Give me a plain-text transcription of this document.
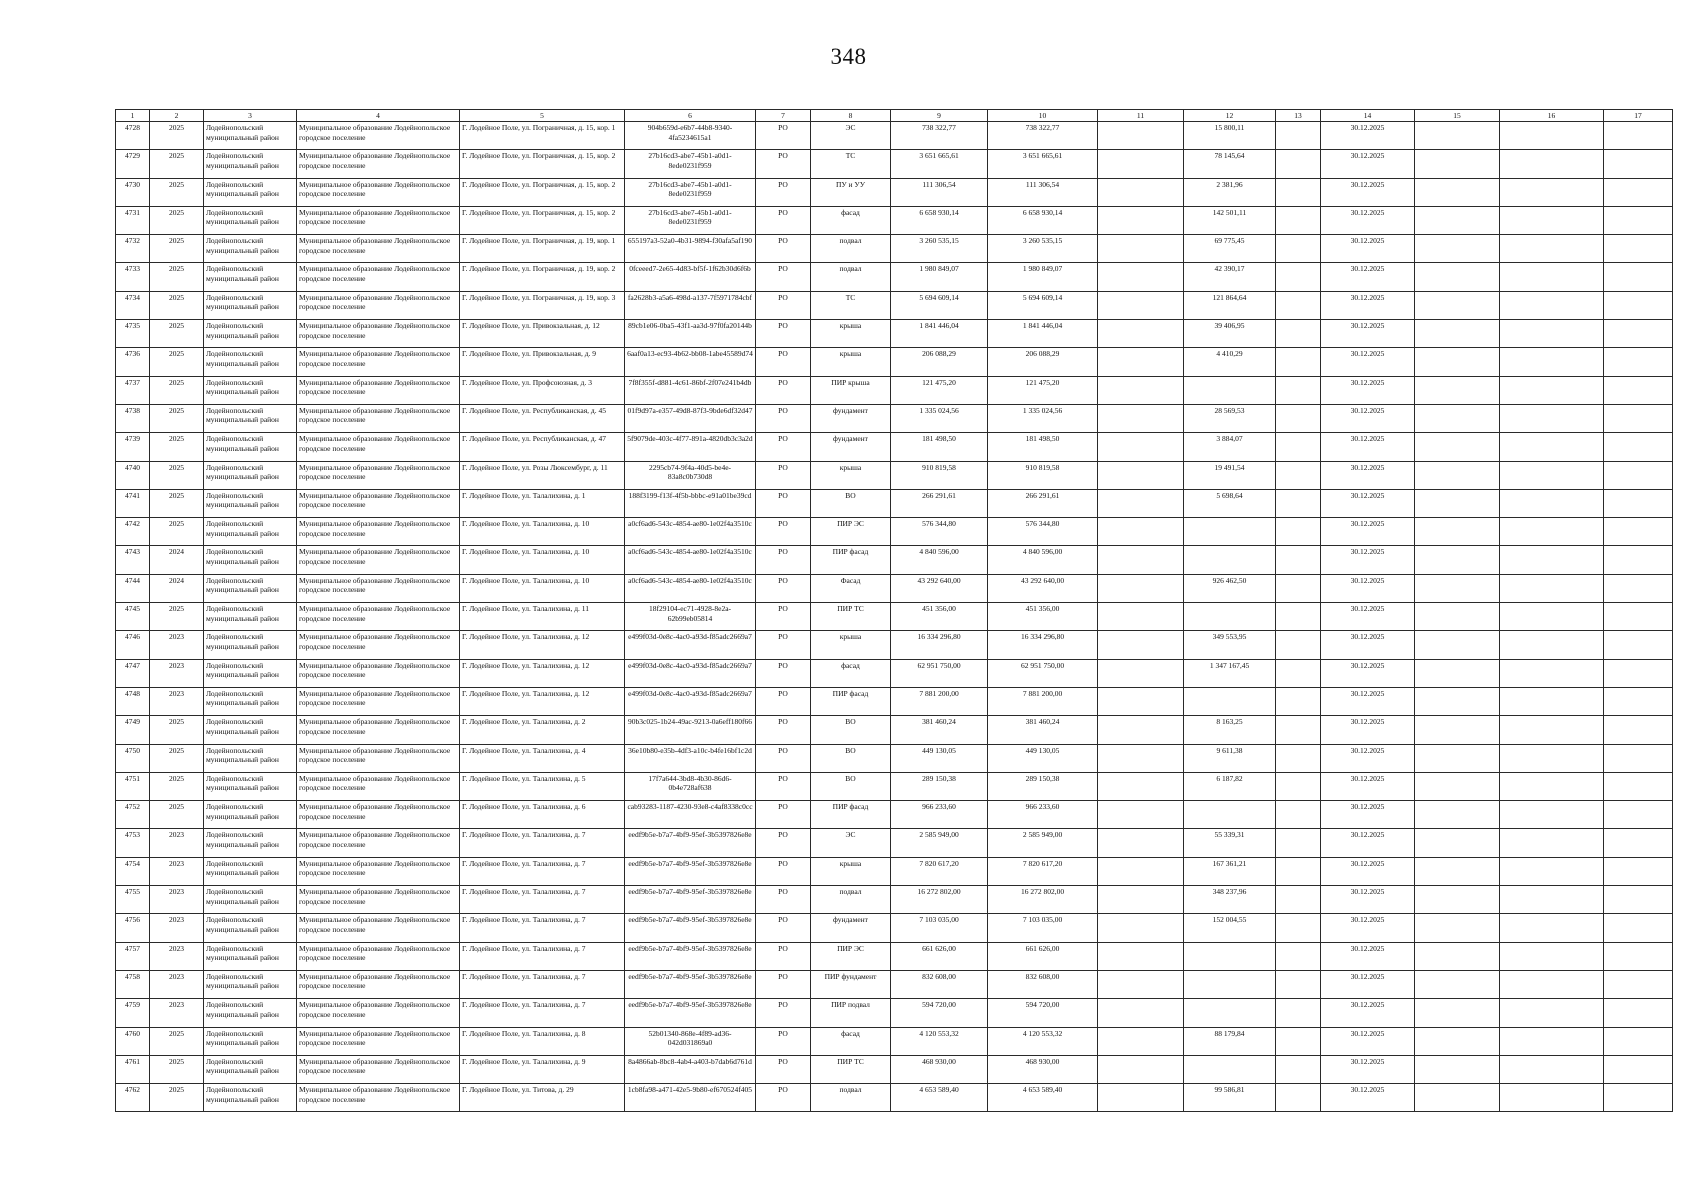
348
1	2	3	4	5	6	7	8	9	10	11	12	13	14	15	16	17
4728	2025	Лодейнопольский муниципальный район	Муниципальное образование Лодейнопольское городское поселение	Г. Лодейное Поле, ул. Пограничная, д. 15, кор. 1	904b659d-e6b7-44b8-9340-4fa5234615a1	РО	ЭС	738 322,77	738 322,77		15 800,11		30.12.2025			
4729	2025	Лодейнопольский муниципальный район	Муниципальное образование Лодейнопольское городское поселение	Г. Лодейное Поле, ул. Пограничная, д. 15, кор. 2	27b16cd3-abe7-45b1-a0d1-8ede0231f959	РО	ТС	3 651 665,61	3 651 665,61		78 145,64		30.12.2025			
4730	2025	Лодейнопольский муниципальный район	Муниципальное образование Лодейнопольское городское поселение	Г. Лодейное Поле, ул. Пограничная, д. 15, кор. 2	27b16cd3-abe7-45b1-a0d1-8ede0231f959	РО	ПУ и УУ	111 306,54	111 306,54		2 381,96		30.12.2025			
4731	2025	Лодейнопольский муниципальный район	Муниципальное образование Лодейнопольское городское поселение	Г. Лодейное Поле, ул. Пограничная, д. 15, кор. 2	27b16cd3-abe7-45b1-a0d1-8ede0231f959	РО	фасад	6 658 930,14	6 658 930,14		142 501,11		30.12.2025			
4732	2025	Лодейнопольский муниципальный район	Муниципальное образование Лодейнопольское городское поселение	Г. Лодейное Поле, ул. Пограничная, д. 19, кор. 1	655197a3-52a0-4b31-9894-f30afa5af190	РО	подвал	3 260 535,15	3 260 535,15		69 775,45		30.12.2025			
4733	2025	Лодейнопольский муниципальный район	Муниципальное образование Лодейнопольское городское поселение	Г. Лодейное Поле, ул. Пограничная, д. 19, кор. 2	0fceeed7-2e65-4d83-bf5f-1f62b30d6f6b	РО	подвал	1 980 849,07	1 980 849,07		42 390,17		30.12.2025			
4734	2025	Лодейнопольский муниципальный район	Муниципальное образование Лодейнопольское городское поселение	Г. Лодейное Поле, ул. Пограничная, д. 19, кор. 3	fa2628b3-a5a6-498d-a137-7f5971784cbf	РО	ТС	5 694 609,14	5 694 609,14		121 864,64		30.12.2025			
4735	2025	Лодейнопольский муниципальный район	Муниципальное образование Лодейнопольское городское поселение	Г. Лодейное Поле, ул. Привокзальная, д. 12	89cb1e06-0ba5-43f1-aa3d-97f0fa20144b	РО	крыша	1 841 446,04	1 841 446,04		39 406,95		30.12.2025			
4736	2025	Лодейнопольский муниципальный район	Муниципальное образование Лодейнопольское городское поселение	Г. Лодейное Поле, ул. Привокзальная, д. 9	6aaf0a13-ec93-4b62-bb08-1abe45589d74	РО	крыша	206 088,29	206 088,29		4 410,29		30.12.2025			
4737	2025	Лодейнопольский муниципальный район	Муниципальное образование Лодейнопольское городское поселение	Г. Лодейное Поле, ул. Профсоюзная, д. 3	7f8f355f-d881-4c61-86bf-2f07e241b4db	РО	ПИР крыша	121 475,20	121 475,20				30.12.2025			
4738	2025	Лодейнопольский муниципальный район	Муниципальное образование Лодейнопольское городское поселение	Г. Лодейное Поле, ул. Республиканская, д. 45	01f9d97a-e357-49d8-87f3-9bde6df32d47	РО	фундамент	1 335 024,56	1 335 024,56		28 569,53		30.12.2025			
4739	2025	Лодейнопольский муниципальный район	Муниципальное образование Лодейнопольское городское поселение	Г. Лодейное Поле, ул. Республиканская, д. 47	5f9079de-403c-4f77-891a-4820db3c3a2d	РО	фундамент	181 498,50	181 498,50		3 884,07		30.12.2025			
4740	2025	Лодейнопольский муниципальный район	Муниципальное образование Лодейнопольское городское поселение	Г. Лодейное Поле, ул. Розы Люксембург, д. 11	2295cb74-9f4a-40d5-be4e-83a8c0b730d8	РО	крыша	910 819,58	910 819,58		19 491,54		30.12.2025			
4741	2025	Лодейнопольский муниципальный район	Муниципальное образование Лодейнопольское городское поселение	Г. Лодейное Поле, ул. Талалихина, д. 1	188f3199-f13f-4f5b-bbbc-e91a01be39cd	РО	ВО	266 291,61	266 291,61		5 698,64		30.12.2025			
4742	2025	Лодейнопольский муниципальный район	Муниципальное образование Лодейнопольское городское поселение	Г. Лодейное Поле, ул. Талалихина, д. 10	a0cf6ad6-543c-4854-ae80-1e02f4a3510c	РО	ПИР ЭС	576 344,80	576 344,80				30.12.2025			
4743	2024	Лодейнопольский муниципальный район	Муниципальное образование Лодейнопольское городское поселение	Г. Лодейное Поле, ул. Талалихина, д. 10	a0cf6ad6-543c-4854-ae80-1e02f4a3510c	РО	ПИР фасад	4 840 596,00	4 840 596,00				30.12.2025			
4744	2024	Лодейнопольский муниципальный район	Муниципальное образование Лодейнопольское городское поселение	Г. Лодейное Поле, ул. Талалихина, д. 10	a0cf6ad6-543c-4854-ae80-1e02f4a3510c	РО	Фасад	43 292 640,00	43 292 640,00		926 462,50		30.12.2025			
4745	2025	Лодейнопольский муниципальный район	Муниципальное образование Лодейнопольское городское поселение	Г. Лодейное Поле, ул. Талалихина, д. 11	18f29104-ec71-4928-8e2a-62b99eb05814	РО	ПИР ТС	451 356,00	451 356,00				30.12.2025			
4746	2023	Лодейнопольский муниципальный район	Муниципальное образование Лодейнопольское городское поселение	Г. Лодейное Поле, ул. Талалихина, д. 12	e499f03d-0e8c-4ac0-a93d-f85adc2669a7	РО	крыша	16 334 296,80	16 334 296,80		349 553,95		30.12.2025			
4747	2023	Лодейнопольский муниципальный район	Муниципальное образование Лодейнопольское городское поселение	Г. Лодейное Поле, ул. Талалихина, д. 12	e499f03d-0e8c-4ac0-a93d-f85adc2669a7	РО	фасад	62 951 750,00	62 951 750,00		1 347 167,45		30.12.2025			
4748	2023	Лодейнопольский муниципальный район	Муниципальное образование Лодейнопольское городское поселение	Г. Лодейное Поле, ул. Талалихина, д. 12	e499f03d-0e8c-4ac0-a93d-f85adc2669a7	РО	ПИР фасад	7 881 200,00	7 881 200,00				30.12.2025			
4749	2025	Лодейнопольский муниципальный район	Муниципальное образование Лодейнопольское городское поселение	Г. Лодейное Поле, ул. Талалихина, д. 2	90b3c025-1b24-49ac-9213-0a6eff180f66	РО	ВО	381 460,24	381 460,24		8 163,25		30.12.2025			
4750	2025	Лодейнопольский муниципальный район	Муниципальное образование Лодейнопольское городское поселение	Г. Лодейное Поле, ул. Талалихина, д. 4	36e10b80-e35b-4df3-a10c-b4fe16bf1c2d	РО	ВО	449 130,05	449 130,05		9 611,38		30.12.2025			
4751	2025	Лодейнопольский муниципальный район	Муниципальное образование Лодейнопольское городское поселение	Г. Лодейное Поле, ул. Талалихина, д. 5	17f7a644-3bd8-4b30-86d6-0b4e728af638	РО	ВО	289 150,38	289 150,38		6 187,82		30.12.2025			
4752	2025	Лодейнопольский муниципальный район	Муниципальное образование Лодейнопольское городское поселение	Г. Лодейное Поле, ул. Талалихина, д. 6	cab93283-1187-4230-93e8-c4af8338c0cc	РО	ПИР фасад	966 233,60	966 233,60				30.12.2025			
4753	2023	Лодейнопольский муниципальный район	Муниципальное образование Лодейнопольское городское поселение	Г. Лодейное Поле, ул. Талалихина, д. 7	eedf9b5e-b7a7-4bf9-95ef-3b5397826e8e	РО	ЭС	2 585 949,00	2 585 949,00		55 339,31		30.12.2025			
4754	2023	Лодейнопольский муниципальный район	Муниципальное образование Лодейнопольское городское поселение	Г. Лодейное Поле, ул. Талалихина, д. 7	eedf9b5e-b7a7-4bf9-95ef-3b5397826e8e	РО	крыша	7 820 617,20	7 820 617,20		167 361,21		30.12.2025			
4755	2023	Лодейнопольский муниципальный район	Муниципальное образование Лодейнопольское городское поселение	Г. Лодейное Поле, ул. Талалихина, д. 7	eedf9b5e-b7a7-4bf9-95ef-3b5397826e8e	РО	подвал	16 272 802,00	16 272 802,00		348 237,96		30.12.2025			
4756	2023	Лодейнопольский муниципальный район	Муниципальное образование Лодейнопольское городское поселение	Г. Лодейное Поле, ул. Талалихина, д. 7	eedf9b5e-b7a7-4bf9-95ef-3b5397826e8e	РО	фундамент	7 103 035,00	7 103 035,00		152 004,55		30.12.2025			
4757	2023	Лодейнопольский муниципальный район	Муниципальное образование Лодейнопольское городское поселение	Г. Лодейное Поле, ул. Талалихина, д. 7	eedf9b5e-b7a7-4bf9-95ef-3b5397826e8e	РО	ПИР ЭС	661 626,00	661 626,00				30.12.2025			
4758	2023	Лодейнопольский муниципальный район	Муниципальное образование Лодейнопольское городское поселение	Г. Лодейное Поле, ул. Талалихина, д. 7	eedf9b5e-b7a7-4bf9-95ef-3b5397826e8e	РО	ПИР фундамент	832 608,00	832 608,00				30.12.2025			
4759	2023	Лодейнопольский муниципальный район	Муниципальное образование Лодейнопольское городское поселение	Г. Лодейное Поле, ул. Талалихина, д. 7	eedf9b5e-b7a7-4bf9-95ef-3b5397826e8e	РО	ПИР подвал	594 720,00	594 720,00				30.12.2025			
4760	2025	Лодейнопольский муниципальный район	Муниципальное образование Лодейнопольское городское поселение	Г. Лодейное Поле, ул. Талалихина, д. 8	52b01340-868e-4f89-ad36-042d031869a0	РО	фасад	4 120 553,32	4 120 553,32		88 179,84		30.12.2025			
4761	2025	Лодейнопольский муниципальный район	Муниципальное образование Лодейнопольское городское поселение	Г. Лодейное Поле, ул. Талалихина, д. 9	8a4866ab-8bc8-4ab4-a403-b7dab6d761d	РО	ПИР ТС	468 930,00	468 930,00				30.12.2025			
4762	2025	Лодейнопольский муниципальный район	Муниципальное образование Лодейнопольское городское поселение	Г. Лодейное Поле, ул. Титова, д. 29	1cb8fa98-a471-42e5-9b80-ef670524f405	РО	подвал	4 653 589,40	4 653 589,40		99 586,81		30.12.2025			
